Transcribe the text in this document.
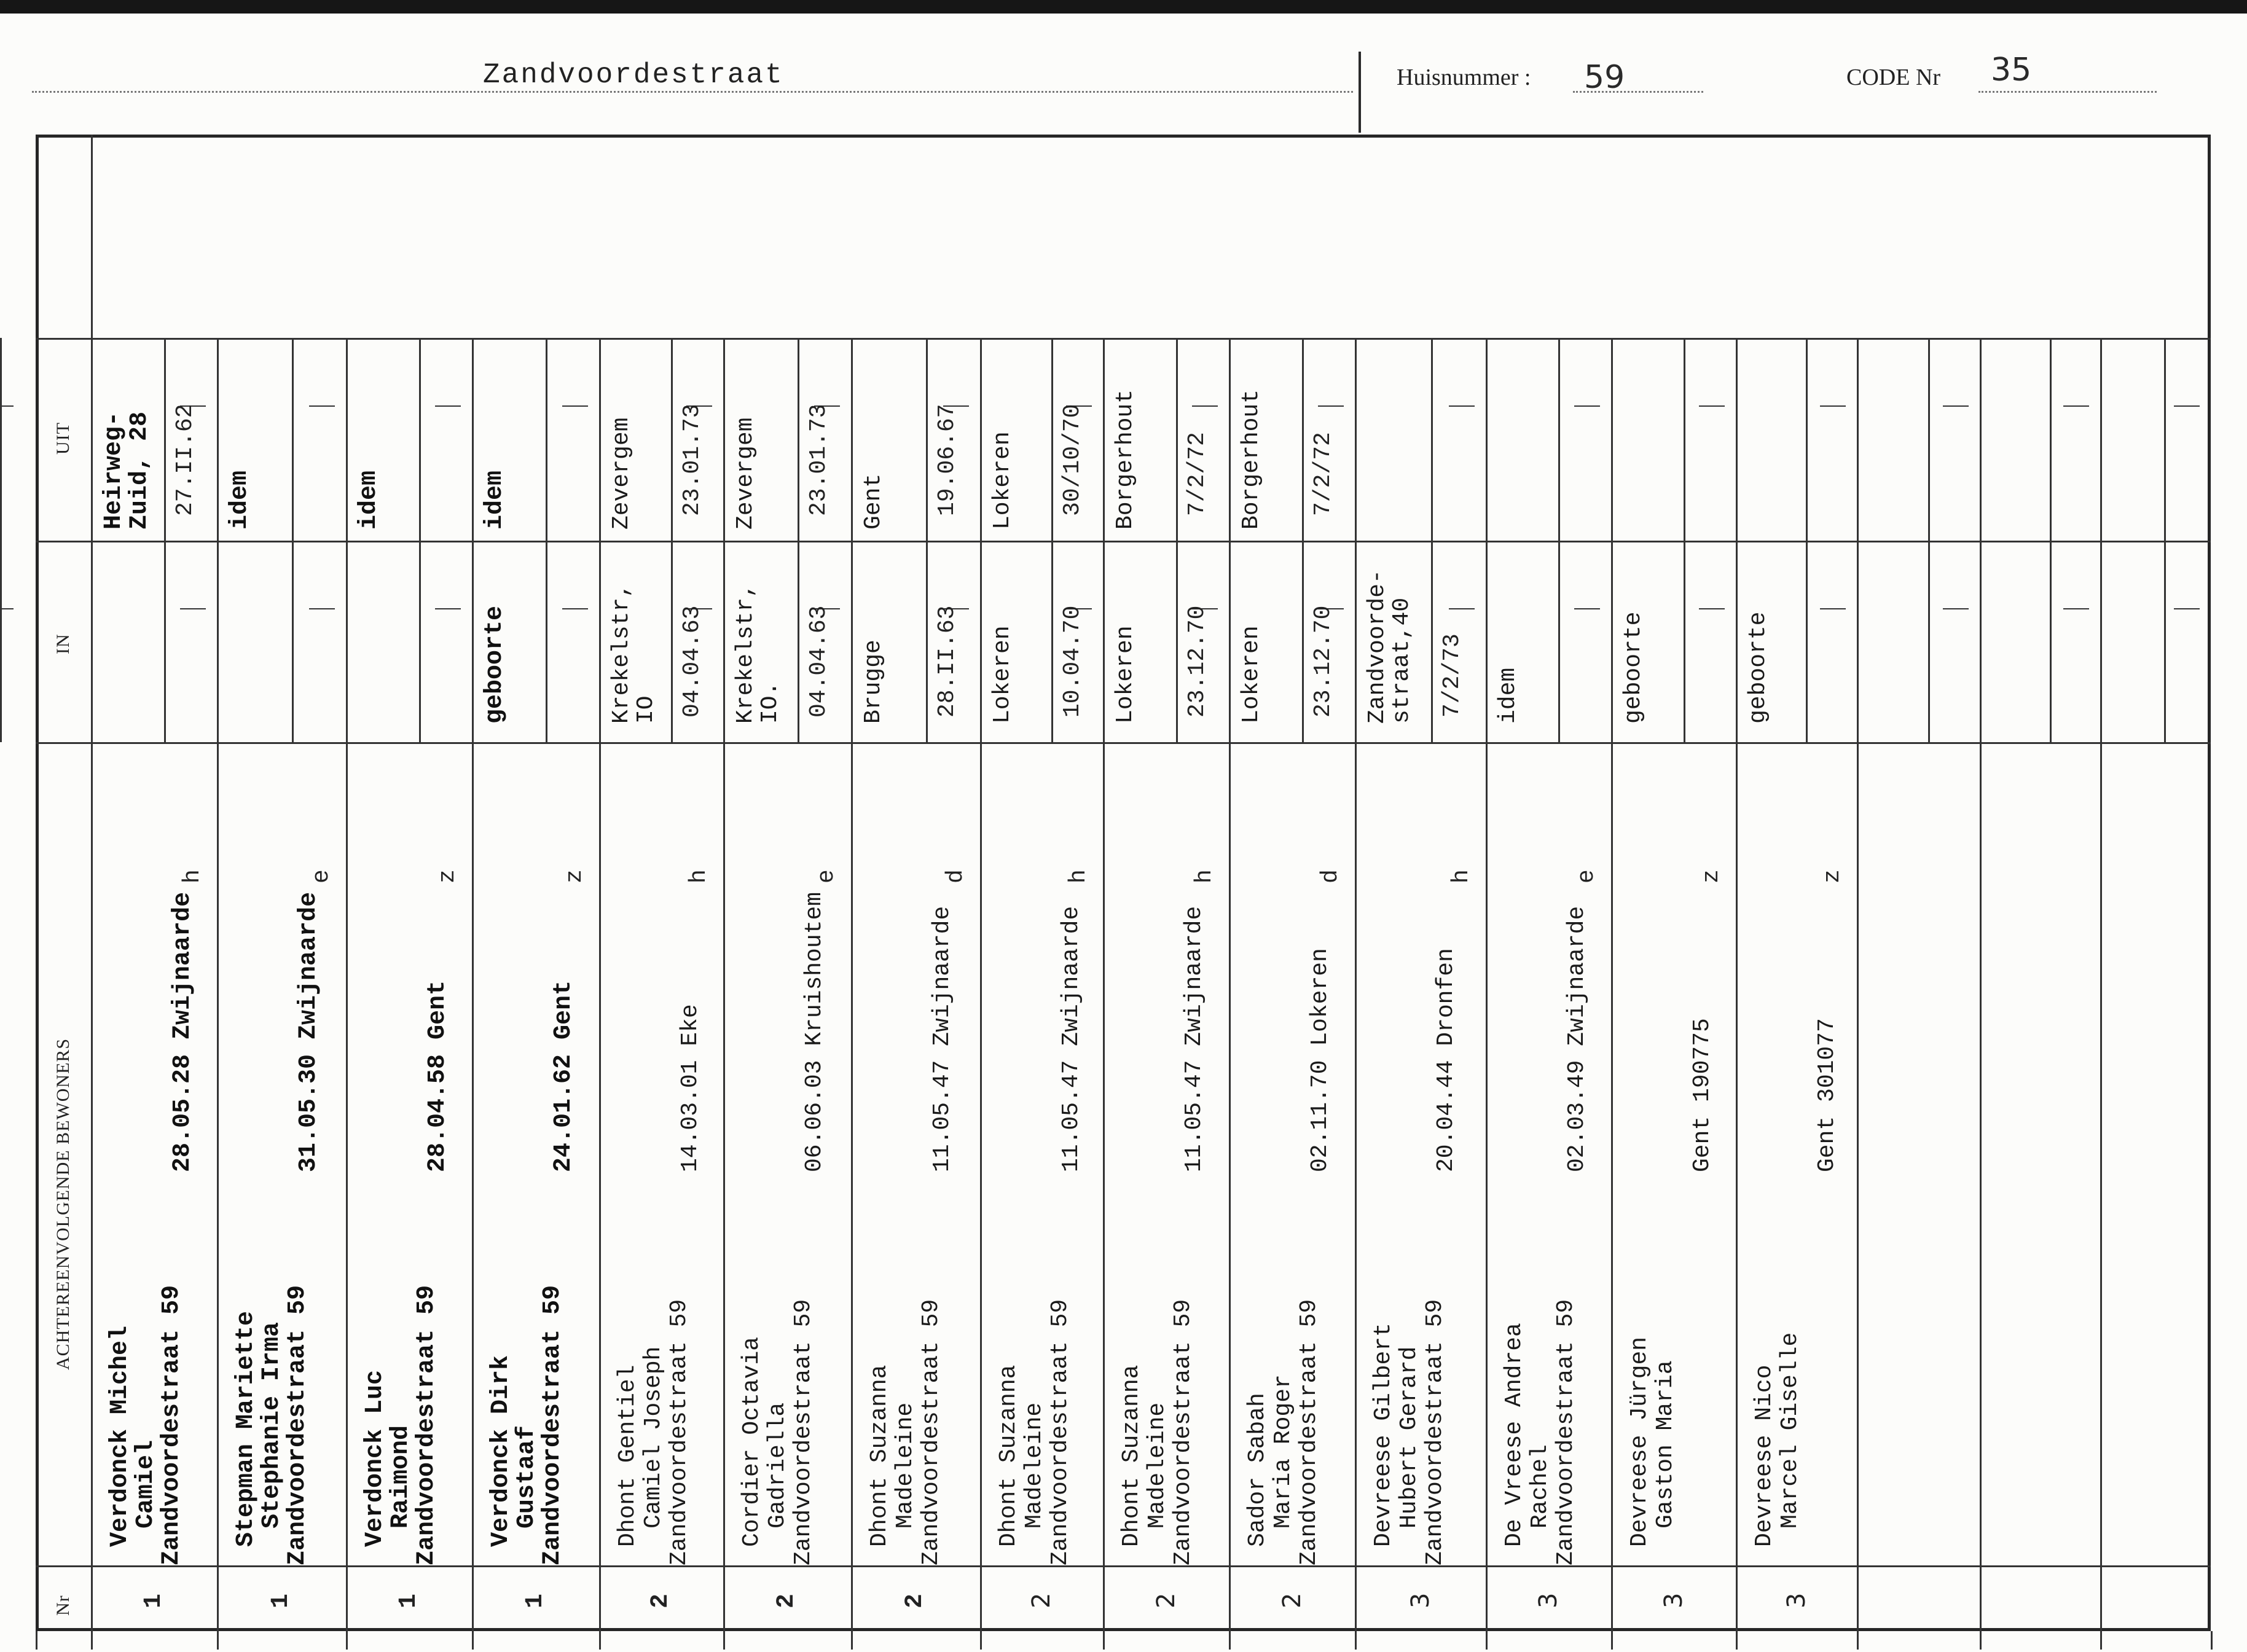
Zandvoordestraat	Huisnummer : 59	CODE Nr 35
UIT
IN
ACHTEREENVOLGENDE BEWONERS
Nr
Heirweg-
Zuid, 28 27.II.62
Verdonck Michel
Camiel
Zandvoordestraat 59
28.05.28 Zwijnaarde
h
1
idem
Stepman Mariette
Stephanie Irma
Zandvoordestraat 59
31.05.30 Zwijnaarde
e
1
idem
Verdonck Luc
Raimond
Zandvoordestraat 59
28.04.58 Gent
z
1
idem
geboorte
Verdonck Dirk
Gustaaf
Zandvoordestraat 59
24.01.62 Gent
z
1
Zevergem 23.01.73
Krekelstr,
IO 04.04.63
Dhont Gentiel Camiel Joseph Zandvoordestraat 59
14.03.01 Eke
h
2
Zevergem 23.01.73
Krekelstr,
IO. 04.04.63
Cordier Octavia Gadriella Zandvoordestraat 59
06.06.03 Kruishoutem
e
2
Gent 19.06.67
Brugge 28.II.63
Dhont Suzanna Madeleine Zandvoordestraat 59
11.05.47 Zwijnaarde
d
2
Lokeren 30/10/70
Lokeren 10.04.70
Dhont Suzanna Madeleine Zandvoordestraat 59
11.05.47 Zwijnaarde
h
2
Borgerhout 7/2/72
Lokeren 23.12.70
Dhont Suzanna Madeleine Zandvoordestraat 59
11.05.47 Zwijnaarde
h
2
Borgerhout 7/2/72
Lokeren 23.12.70
Sador Sabah Maria Roger Zandvoordestraat 59
02.11.70 Lokeren
d
2
Zandvoorde-
straat,40 7/2/73
Devreese Gilbert Hubert Gerard Zandvoordestraat 59
20.04.44 Dronfen
h
3
idem
De Vreese Andrea Rachel Zandvoordestraat 59
02.03.49 Zwijnaarde
e
3
geboorte
Devreese Jürgen Gaston Maria
Gent 190775
z
3
geboorte
Devreese Nico Marcel Giselle
Gent 301077
z
3
